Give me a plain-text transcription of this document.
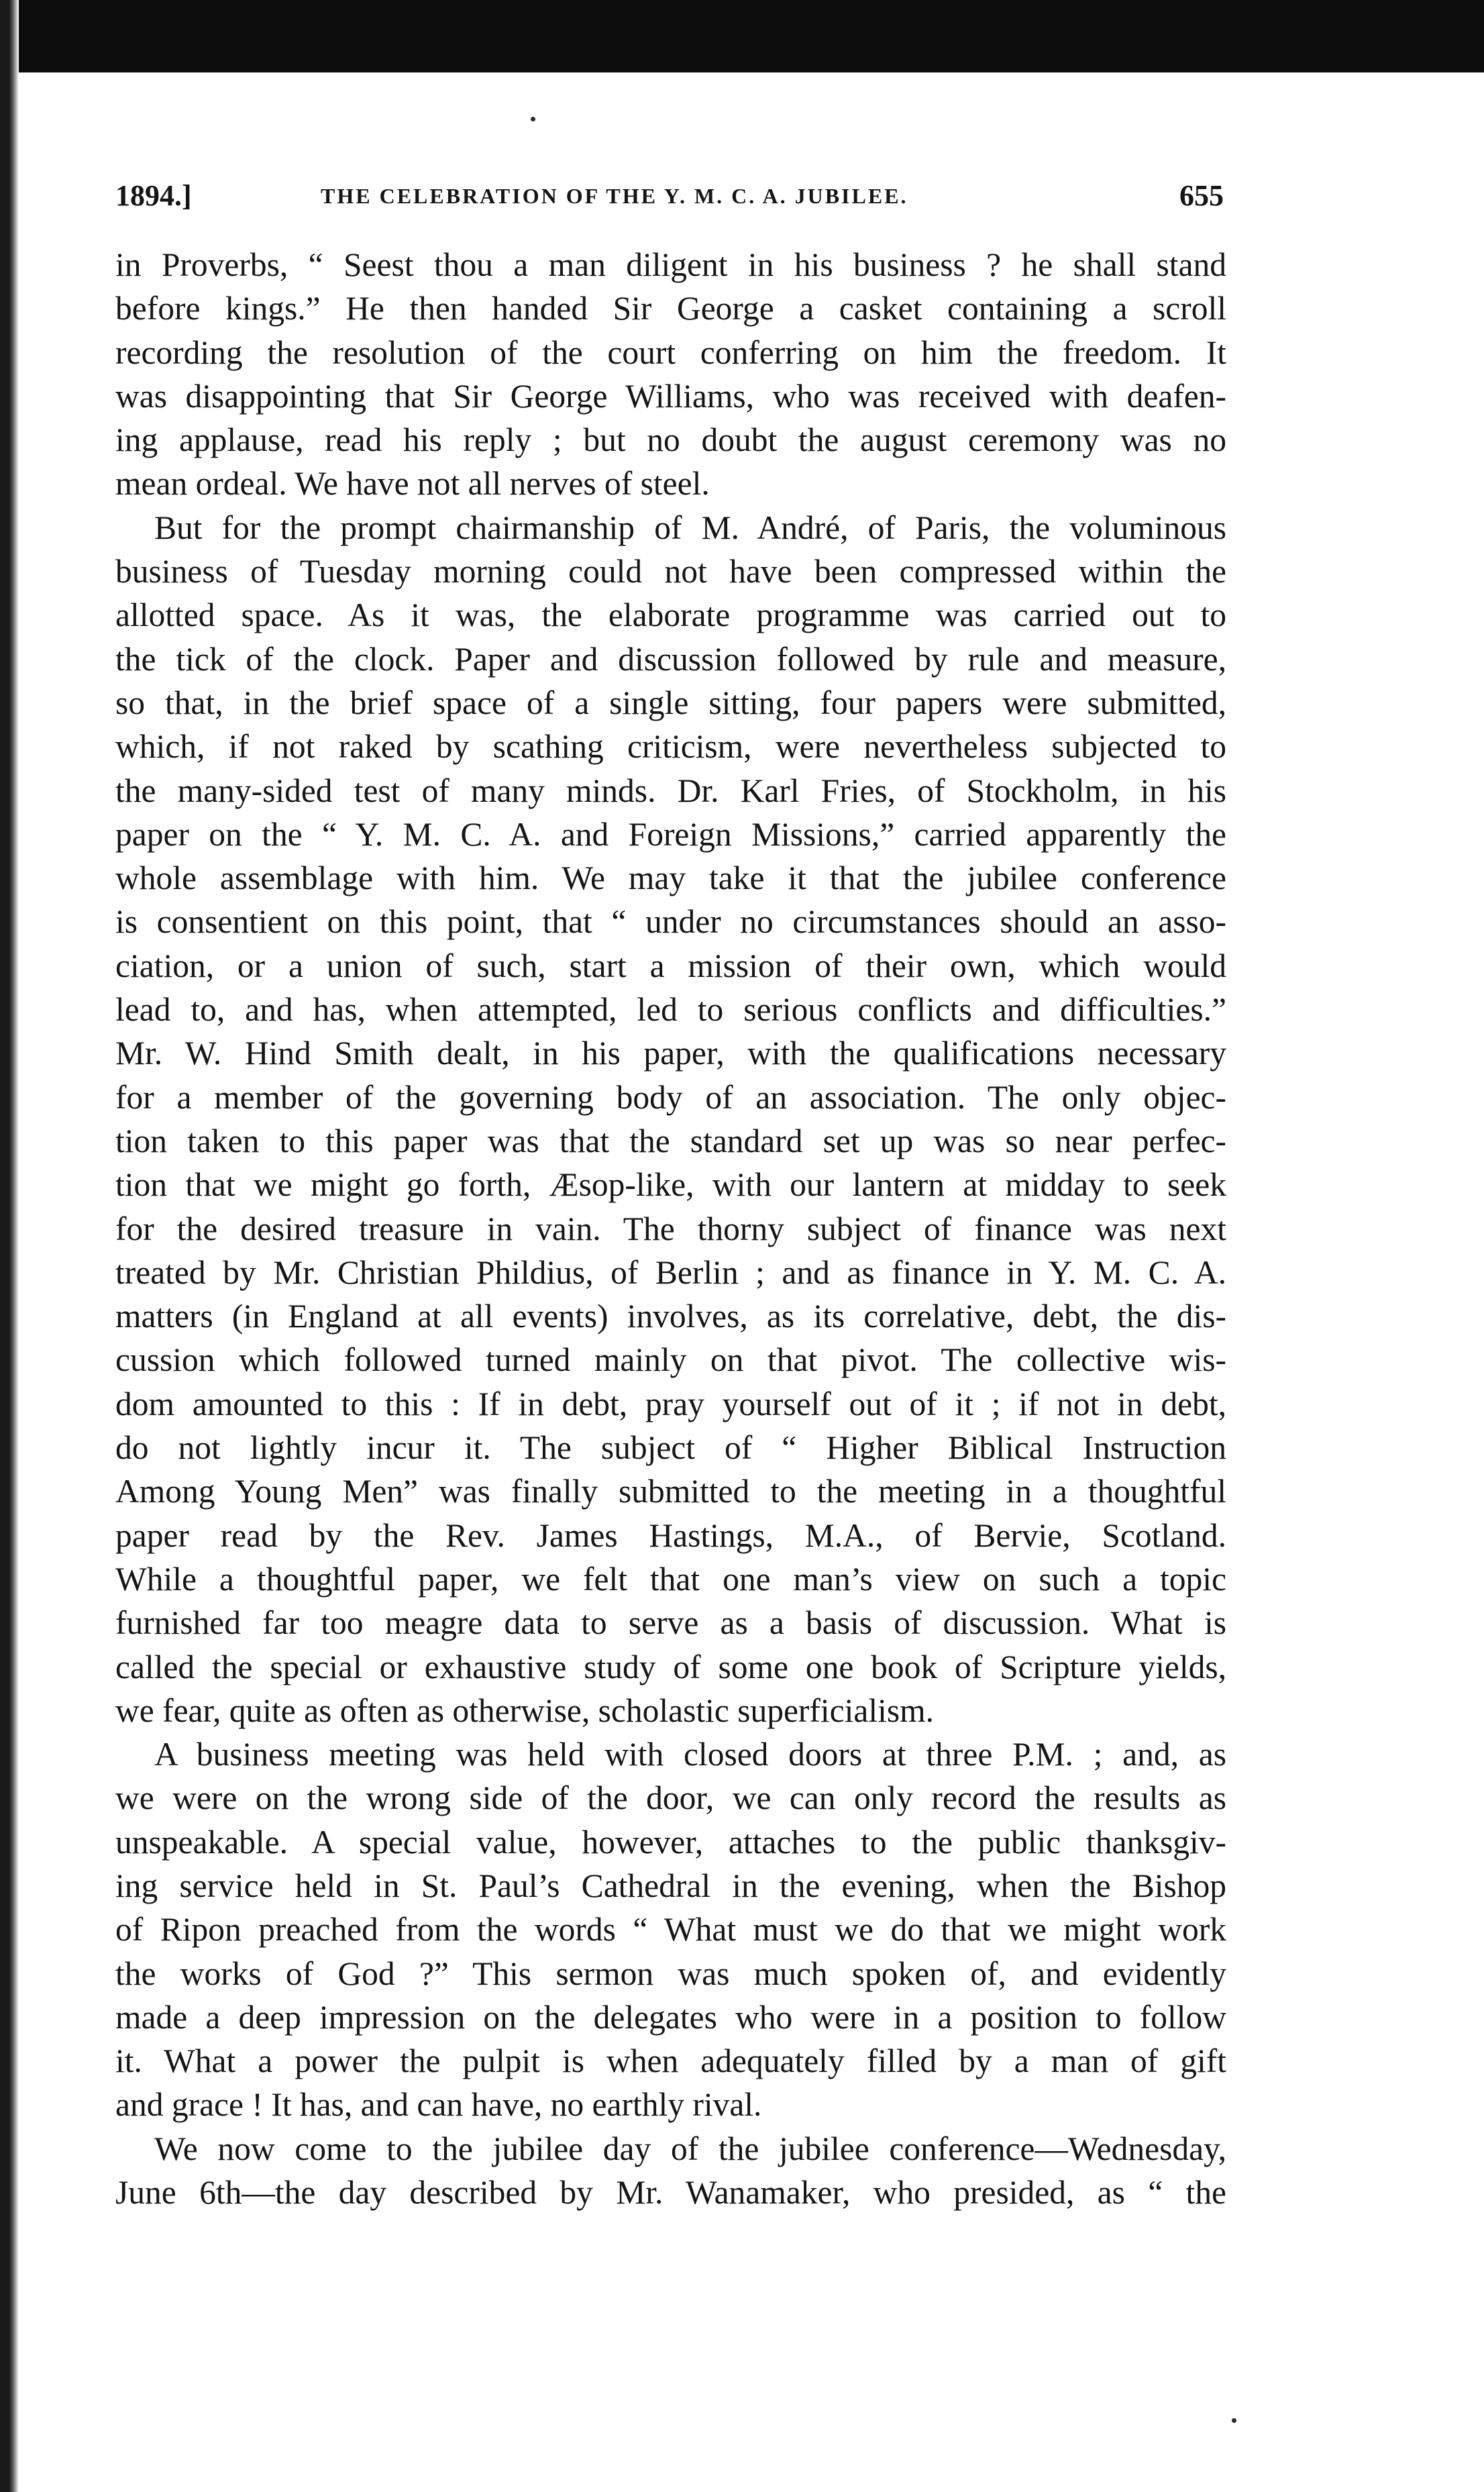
1894.]	THE CELEBRATION OF THE Y. M. C. A. JUBILEE.	655
in Proverbs, “ Seest thou a man diligent in his business ? he shall stand
before kings.” He then handed Sir George a casket containing a scroll
recording the resolution of the court conferring on him the freedom. It
was disappointing that Sir George Williams, who was received with deafen-
ing applause, read his reply ; but no doubt the august ceremony was no
mean ordeal. We have not all nerves of steel.
But for the prompt chairmanship of M. André, of Paris, the voluminous
business of Tuesday morning could not have been compressed within the
allotted space. As it was, the elaborate programme was carried out to
the tick of the clock. Paper and discussion followed by rule and measure,
so that, in the brief space of a single sitting, four papers were submitted,
which, if not raked by scathing criticism, were nevertheless subjected to
the many-sided test of many minds. Dr. Karl Fries, of Stockholm, in his
paper on the “ Y. M. C. A. and Foreign Missions,” carried apparently the
whole assemblage with him. We may take it that the jubilee conference
is consentient on this point, that “ under no circumstances should an asso-
ciation, or a union of such, start a mission of their own, which would
lead to, and has, when attempted, led to serious conflicts and difficulties.”
Mr. W. Hind Smith dealt, in his paper, with the qualifications necessary
for a member of the governing body of an association. The only objec-
tion taken to this paper was that the standard set up was so near perfec-
tion that we might go forth, Æsop-like, with our lantern at midday to seek
for the desired treasure in vain. The thorny subject of finance was next
treated by Mr. Christian Phildius, of Berlin ; and as finance in Y. M. C. A.
matters (in England at all events) involves, as its correlative, debt, the dis-
cussion which followed turned mainly on that pivot. The collective wis-
dom amounted to this : If in debt, pray yourself out of it ; if not in debt,
do not lightly incur it. The subject of “ Higher Biblical Instruction
Among Young Men” was finally submitted to the meeting in a thoughtful
paper read by the Rev. James Hastings, M.A., of Bervie, Scotland.
While a thoughtful paper, we felt that one man’s view on such a topic
furnished far too meagre data to serve as a basis of discussion. What is
called the special or exhaustive study of some one book of Scripture yields,
we fear, quite as often as otherwise, scholastic superficialism.
A business meeting was held with closed doors at three P.M. ; and, as
we were on the wrong side of the door, we can only record the results as
unspeakable. A special value, however, attaches to the public thanksgiv-
ing service held in St. Paul’s Cathedral in the evening, when the Bishop
of Ripon preached from the words “ What must we do that we might work
the works of God ?” This sermon was much spoken of, and evidently
made a deep impression on the delegates who were in a position to follow
it. What a power the pulpit is when adequately filled by a man of gift
and grace ! It has, and can have, no earthly rival.
We now come to the jubilee day of the jubilee conference—Wednesday,
June 6th—the day described by Mr. Wanamaker, who presided, as “ the
